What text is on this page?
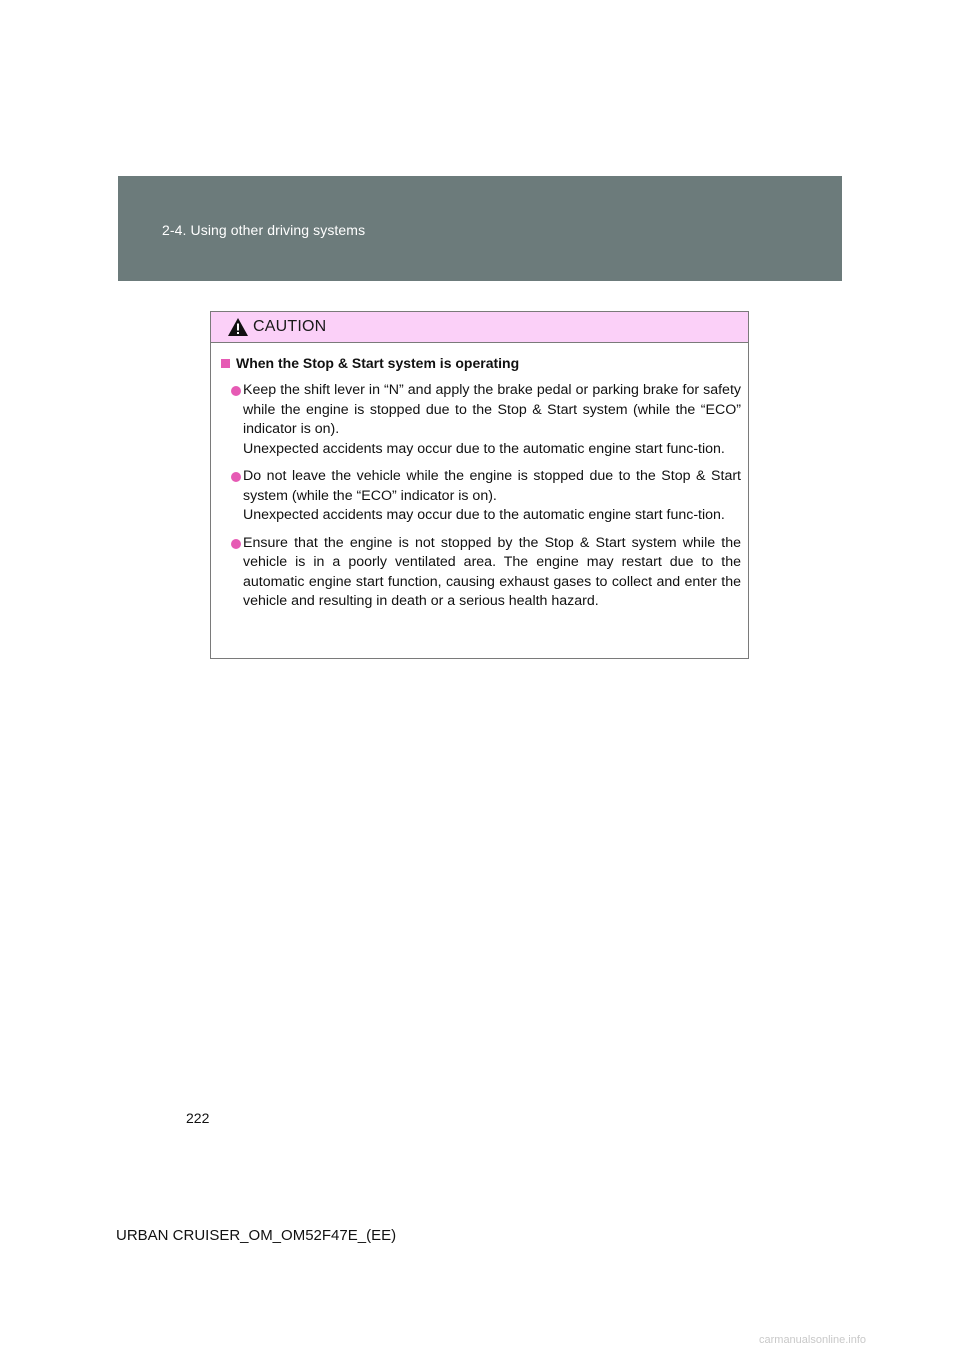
2-4. Using other driving systems
CAUTION
When the Stop & Start system is operating

Keep the shift lever in “N” and apply the brake pedal or parking brake for safety while the engine is stopped due to the Stop & Start system (while the “ECO” indicator is on).

Unexpected accidents may occur due to the automatic engine start func-tion.

Do not leave the vehicle while the engine is stopped due to the Stop & Start system (while the “ECO” indicator is on).

Unexpected accidents may occur due to the automatic engine start func-tion.

Ensure that the engine is not stopped by the Stop & Start system while the vehicle is in a poorly ventilated area. The engine may restart due to the automatic engine start function, causing exhaust gases to collect and enter the vehicle and resulting in death or a serious health hazard.

222
URBAN CRUISER_OM_OM52F47E_(EE)
carmanualsonline.info
